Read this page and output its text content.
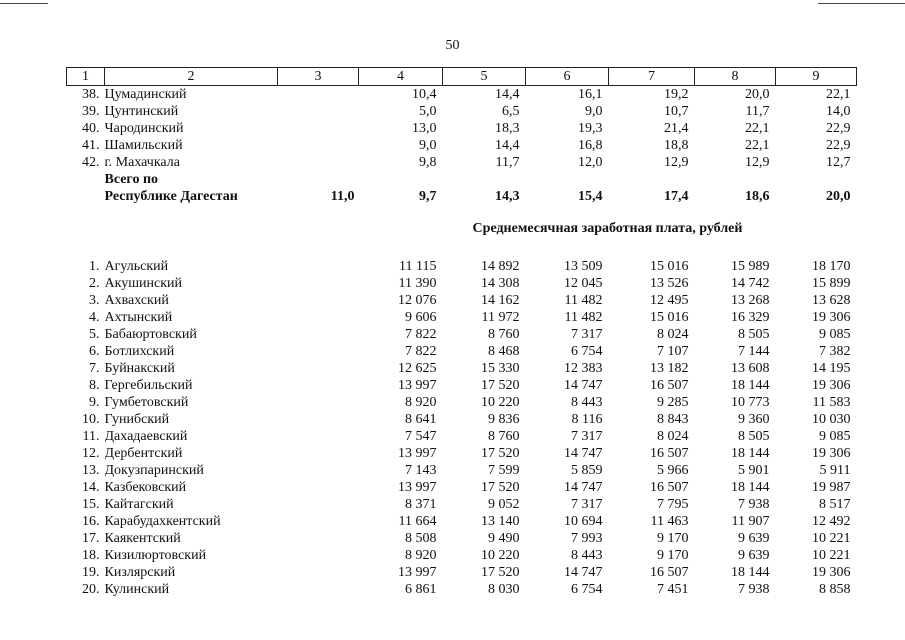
50
1	2	3	4	5	6	7	8	9
38.	Цумадинский		10,4	14,4	16,1	19,2	20,0	22,1
39.	Цунтинский		5,0	6,5	9,0	10,7	11,7	14,0
40.	Чародинский		13,0	18,3	19,3	21,4	22,1	22,9
41.	Шамильский		9,0	14,4	16,8	18,8	22,1	22,9
42.	г. Махачкала		9,8	11,7	12,0	12,9	12,9	12,7
	Всего по							
	Республике Дагестан	11,0	9,7	14,3	15,4	17,4	18,6	20,0

			Среднемесячная заработная плата, рублей					

1.	Агульский		11 115	14 892	13 509	15 016	15 989	18 170
2.	Акушинский		11 390	14 308	12 045	13 526	14 742	15 899
3.	Ахвахский		12 076	14 162	11 482	12 495	13 268	13 628
4.	Ахтынский		9 606	11 972	11 482	15 016	16 329	19 306
5.	Бабаюртовский		7 822	8 760	7 317	8 024	8 505	9 085
6.	Ботлихский		7 822	8 468	6 754	7 107	7 144	7 382
7.	Буйнакский		12 625	15 330	12 383	13 182	13 608	14 195
8.	Гергебильский		13 997	17 520	14 747	16 507	18 144	19 306
9.	Гумбетовский		8 920	10 220	8 443	9 285	10 773	11 583
10.	Гунибский		8 641	9 836	8 116	8 843	9 360	10 030
11.	Дахадаевский		7 547	8 760	7 317	8 024	8 505	9 085
12.	Дербентский		13 997	17 520	14 747	16 507	18 144	19 306
13.	Докузпаринский		7 143	7 599	5 859	5 966	5 901	5 911
14.	Казбековский		13 997	17 520	14 747	16 507	18 144	19 987
15.	Кайтагский		8 371	9 052	7 317	7 795	7 938	8 517
16.	Карабудахкентский		11 664	13 140	10 694	11 463	11 907	12 492
17.	Каякентский		8 508	9 490	7 993	9 170	9 639	10 221
18.	Кизилюртовский		8 920	10 220	8 443	9 170	9 639	10 221
19.	Кизлярский		13 997	17 520	14 747	16 507	18 144	19 306
20.	Кулинский		6 861	8 030	6 754	7 451	7 938	8 858
